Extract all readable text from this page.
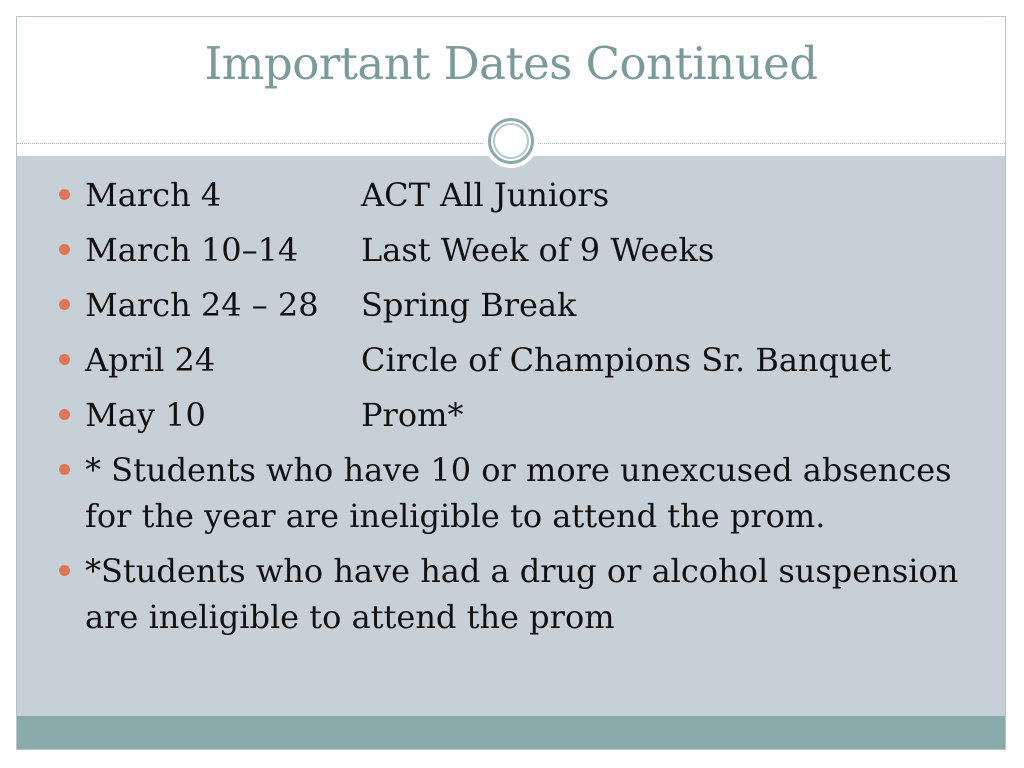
Important Dates Continued
March 4	ACT All Juniors
March 10–14	Last Week of 9 Weeks
March 24 – 28	Spring Break
April 24	Circle of Champions Sr. Banquet
May 10	Prom*
* Students who have 10 or more unexcused absences for the year are ineligible to attend the prom.
*Students who have had a drug or alcohol suspension are ineligible to attend the prom
